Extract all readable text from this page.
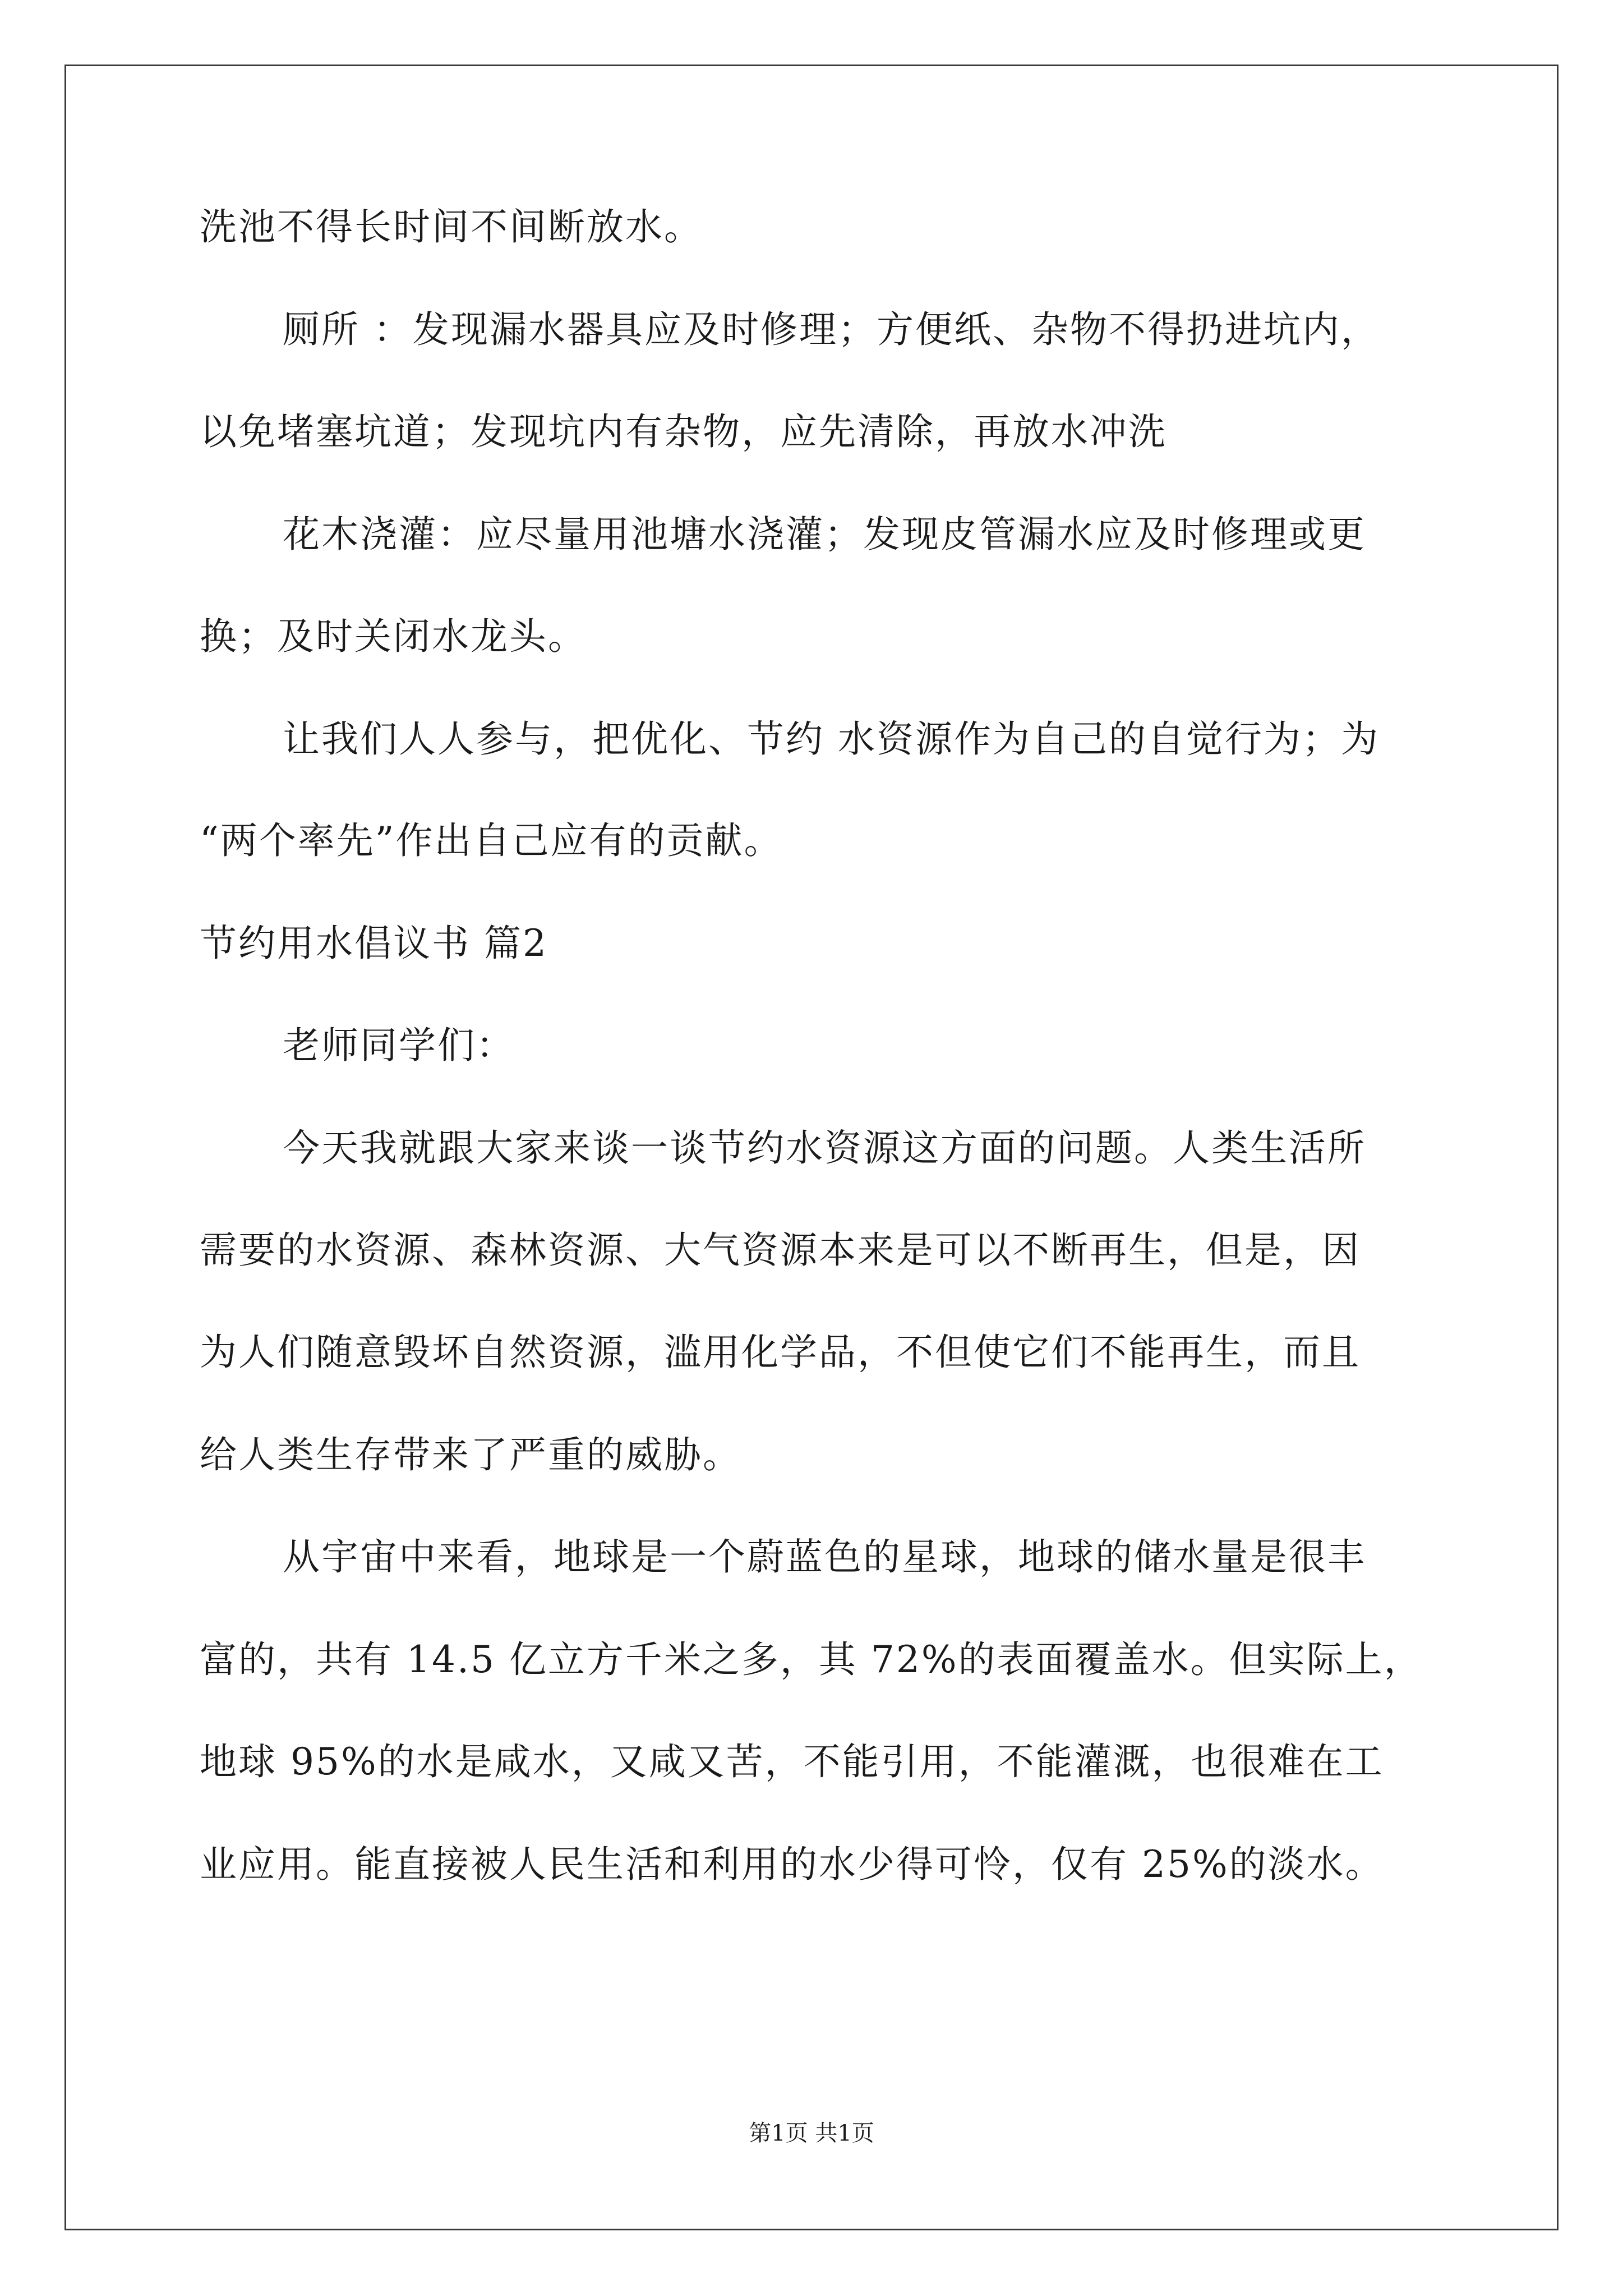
洗池不得长时间不间断放水。
厕所 ：发现漏水器具应及时修理；方便纸、杂物不得扔进坑内，
以免堵塞坑道；发现坑内有杂物，应先清除，再放水冲洗
花木浇灌：应尽量用池塘水浇灌；发现皮管漏水应及时修理或更
换；及时关闭水龙头。
让我们人人参与，把优化、节约 水资源作为自己的自觉行为；为
“两个率先”作出自己应有的贡献。
节约用水倡议书 篇2
老师同学们：
今天我就跟大家来谈一谈节约水资源这方面的问题。人类生活所
需要的水资源、森林资源、大气资源本来是可以不断再生，但是，因
为人们随意毁坏自然资源，滥用化学品，不但使它们不能再生，而且
给人类生存带来了严重的威胁。
从宇宙中来看，地球是一个蔚蓝色的星球，地球的储水量是很丰
富的，共有 14.5 亿立方千米之多，其 72%的表面覆盖水。但实际上，
地球 95%的水是咸水，又咸又苦，不能引用，不能灌溉，也很难在工
业应用。能直接被人民生活和利用的水少得可怜，仅有 25%的淡水。
第1页 共1页
